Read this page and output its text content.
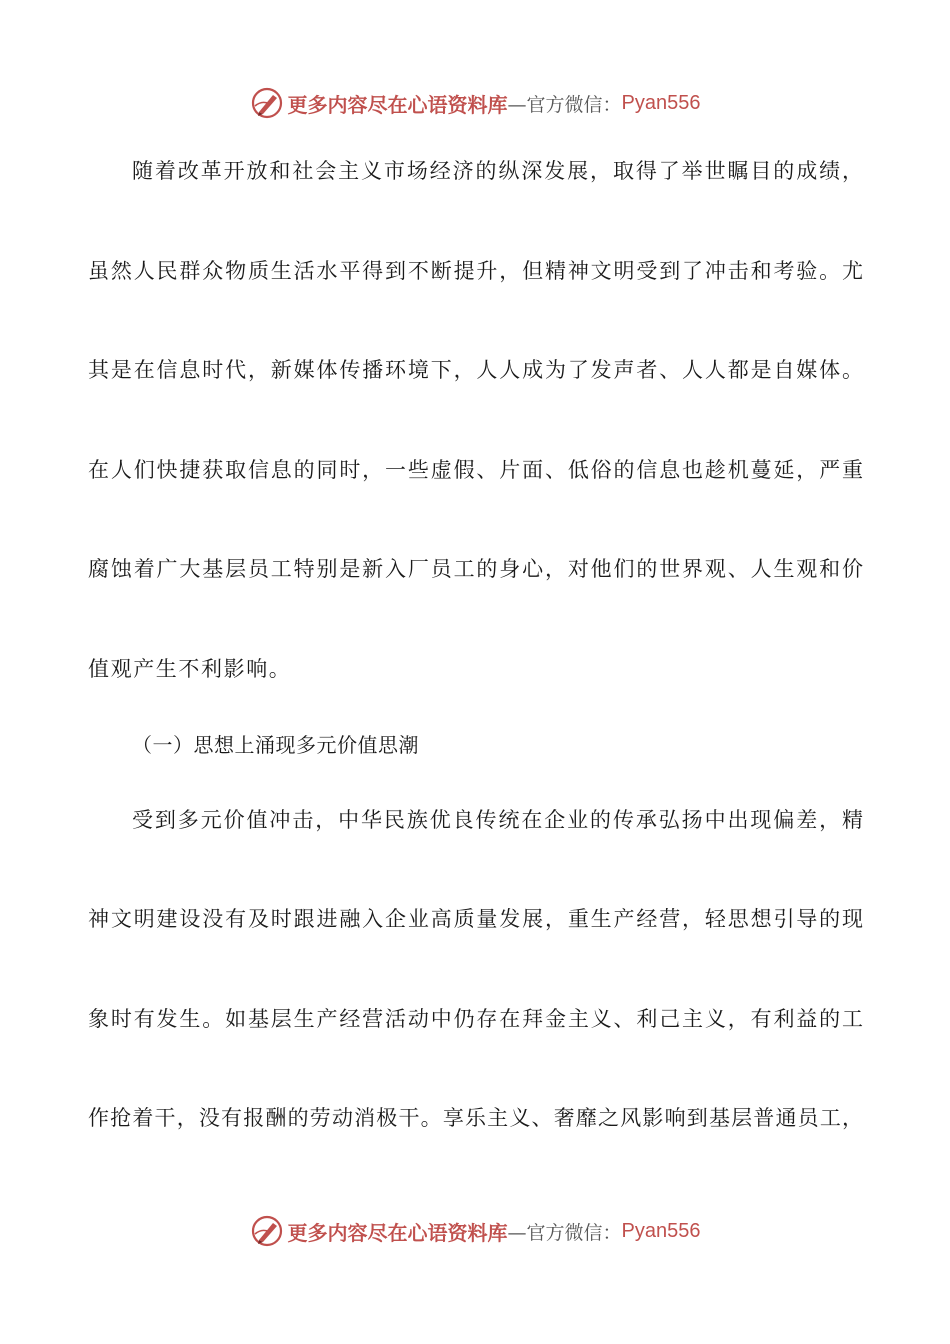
更多内容尽在心语资料库 —官方微信： Pyan556
随着改革开放和社会主义市场经济的纵深发展，取得了举世瞩目的成绩，
虽然人民群众物质生活水平得到不断提升，但精神文明受到了冲击和考验。尤
其是在信息时代，新媒体传播环境下，人人成为了发声者、人人都是自媒体。
在人们快捷获取信息的同时，一些虚假、片面、低俗的信息也趁机蔓延，严重
腐蚀着广大基层员工特别是新入厂员工的身心，对他们的世界观、人生观和价
值观产生不利影响。
（一）思想上涌现多元价值思潮
受到多元价值冲击，中华民族优良传统在企业的传承弘扬中出现偏差，精
神文明建设没有及时跟进融入企业高质量发展，重生产经营，轻思想引导的现
象时有发生。如基层生产经营活动中仍存在拜金主义、利己主义，有利益的工
作抢着干，没有报酬的劳动消极干。享乐主义、奢靡之风影响到基层普通员工，
更多内容尽在心语资料库 —官方微信： Pyan556
